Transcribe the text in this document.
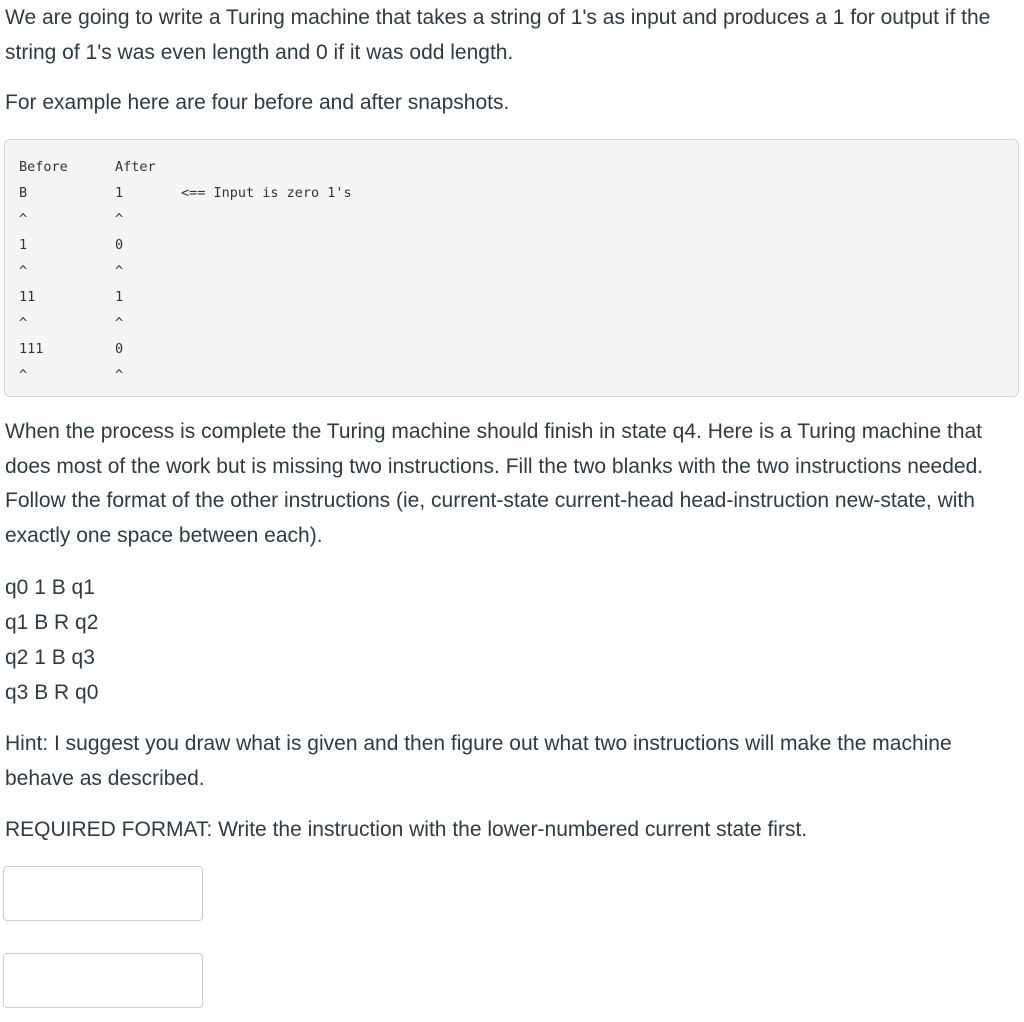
We are going to write a Turing machine that takes a string of 1's as input and produces a 1 for output if the string of 1's was even length and 0 if it was odd length.

For example here are four before and after snapshots.

Before	After
B	1	<== Input is zero 1's
^	^
1	0
^	^
11	1
^	^
111	0
^	^

When the process is complete the Turing machine should finish in state q4. Here is a Turing machine that does most of the work but is missing two instructions. Fill the two blanks with the two instructions needed. Follow the format of the other instructions (ie, current-state current-head head-instruction new-state, with exactly one space between each).

q0 1 B q1
q1 B R q2
q2 1 B q3
q3 B R q0

Hint: I suggest you draw what is given and then figure out what two instructions will make the machine behave as described.

REQUIRED FORMAT: Write the instruction with the lower-numbered current state first.
